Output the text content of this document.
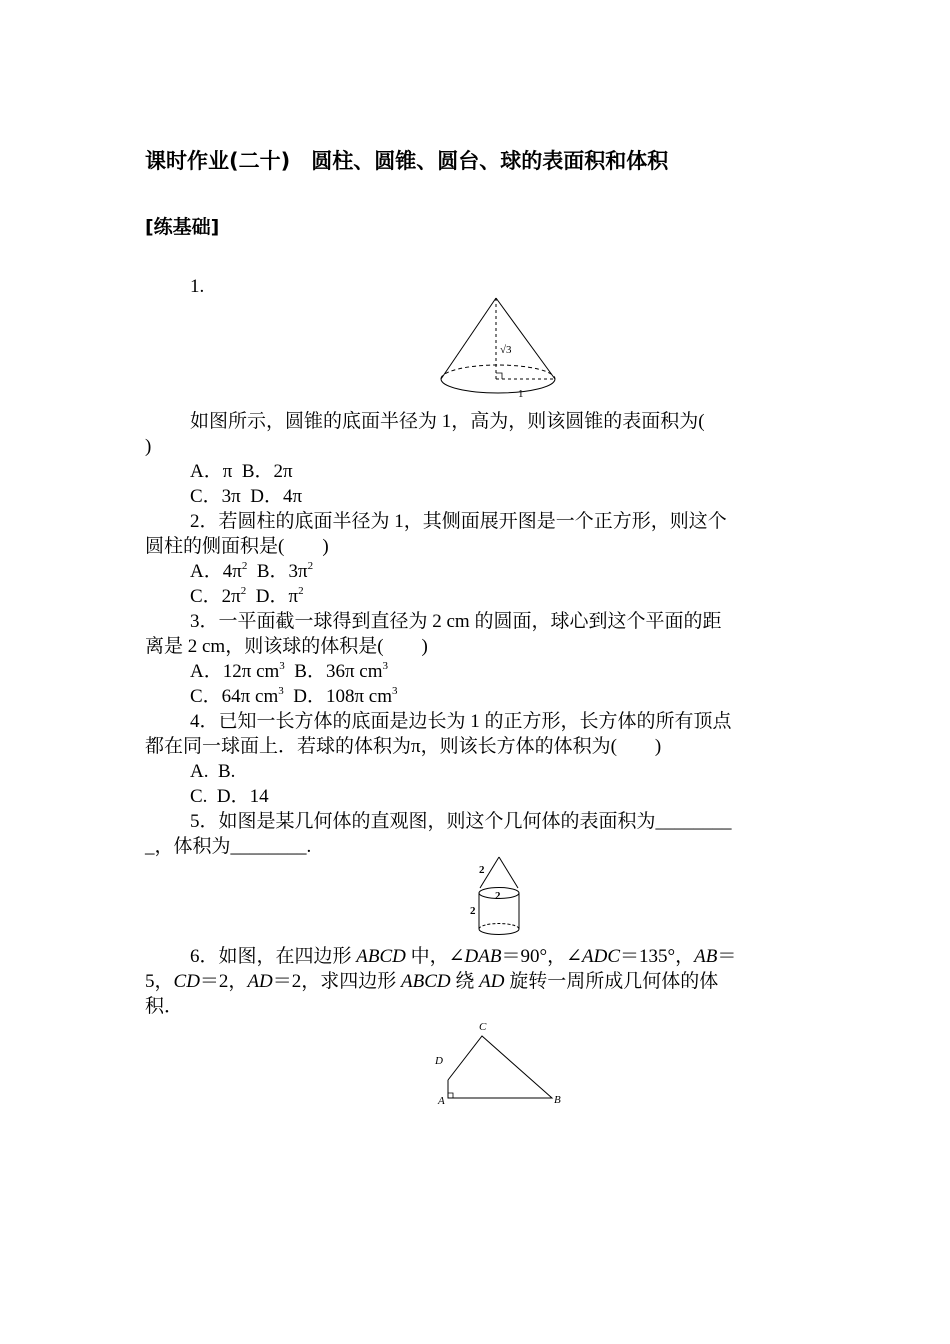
课时作业(二十)　圆柱、圆锥、圆台、球的表面积和体积
[练基础]
1.
√3
1
如图所示，圆锥的底面半径为 1，高为，则该圆锥的表面积为(
)
A．π  B．2π
C．3π  D．4π
2．若圆柱的底面半径为 1，其侧面展开图是一个正方形，则这个
圆柱的侧面积是(　　)
A．$4\pi^2$  B．$3\pi^2$
C．$2\pi^2$  D．$\pi^2$
3．一平面截一球得到直径为 2 cm 的圆面，球心到这个平面的距
离是 2 cm，则该球的体积是(　　)
A．12π $cm^3$  B．36π $cm^3$
C．64π $cm^3$  D．108π $cm^3$
4．已知一长方体的底面是边长为 1 的正方形，长方体的所有顶点
都在同一球面上．若球的体积为π，则该长方体的体积为(　　)
A.  B.
C.  D．14
5．如图是某几何体的直观图，则这个几何体的表面积为________
_，体积为________.
2
2
2
6．如图，在四边形 ABCD 中，∠DAB＝90°，∠ADC＝135°，AB＝
5，CD＝2，AD＝2，求四边形 ABCD 绕 AD 旋转一周所成几何体的体
积．
C
D
A	B
